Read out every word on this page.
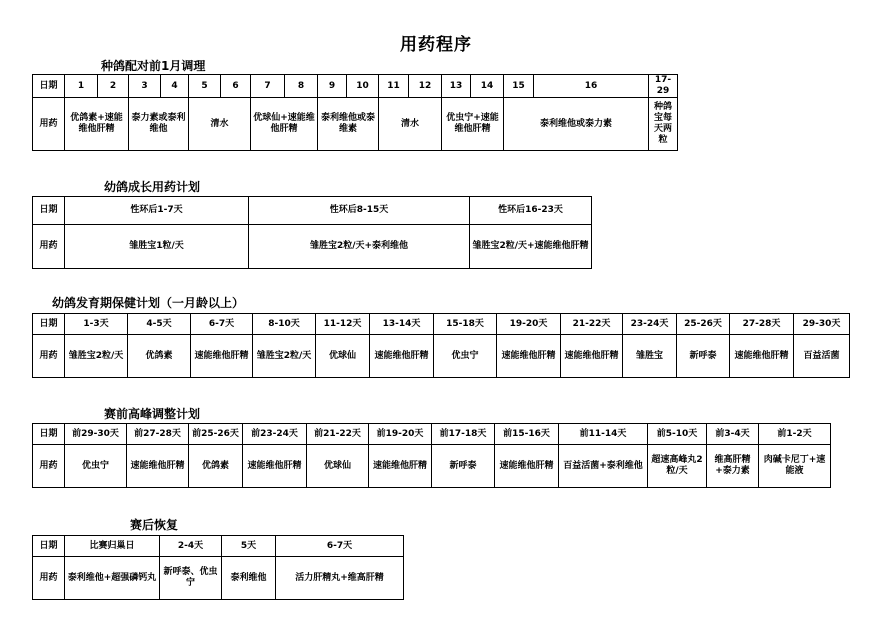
用药程序
种鸽配对前1月调理
日期	1	2	3	4	5	6	7	8	9	10	11	12	13	14	15	16	17-29
用药	优鸽素+速能维他肝精		泰力素或泰利维他		清水		优球仙+速能维他肝精		泰利维他或泰维素		清水		优虫宁+速能维他肝精		泰利维他或泰力素		种鸽宝每天两粒
幼鸽成长用药计划
日期	性环后1-7天	性环后8-15天	性环后16-23天
用药	雏胜宝1粒/天	雏胜宝2粒/天+泰利维他	雏胜宝2粒/天+速能维他肝精
幼鸽发育期保健计划（一月龄以上）
日期	1-3天	4-5天	6-7天	8-10天	11-12天	13-14天	15-18天	19-20天	21-22天	23-24天	25-26天	27-28天	29-30天
用药	雏胜宝2粒/天	优鸽素	速能维他肝精	雏胜宝2粒/天	优球仙	速能维他肝精	优虫宁	速能维他肝精	速能维他肝精	雏胜宝	新呼泰	速能维他肝精	百益活菌
赛前高峰调整计划
日期	前29-30天	前27-28天	前25-26天	前23-24天	前21-22天	前19-20天	前17-18天	前15-16天	前11-14天	前5-10天	前3-4天	前1-2天
用药	优虫宁	速能维他肝精	优鸽素	速能维他肝精	优球仙	速能维他肝精	新呼泰	速能维他肝精	百益活菌+泰利维他	超速高峰丸2粒/天	维高肝精+泰力素	肉碱卡尼丁+速能液
赛后恢复
日期	比赛归巢日	2-4天	5天	6-7天
用药	泰利维他+超强磷钙丸	新呼泰、优虫宁	泰利维他	活力肝精丸+维高肝精
